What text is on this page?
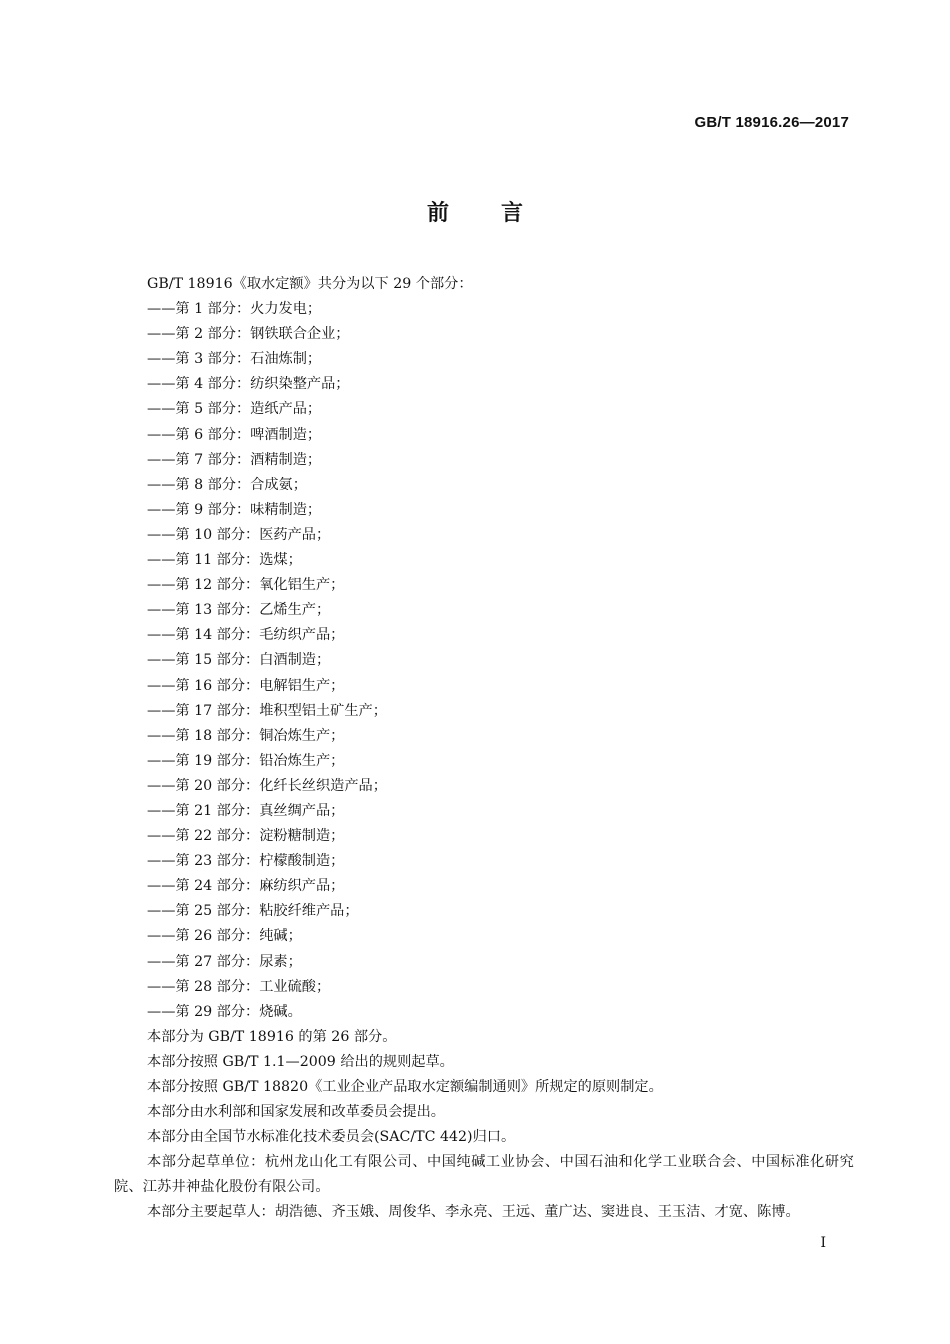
GB/T 18916.26—2017
前言
GB/T 18916《取水定额》共分为以下 29 个部分：
——第 1 部分：火力发电；
——第 2 部分：钢铁联合企业；
——第 3 部分：石油炼制；
——第 4 部分：纺织染整产品；
——第 5 部分：造纸产品；
——第 6 部分：啤酒制造；
——第 7 部分：酒精制造；
——第 8 部分：合成氨；
——第 9 部分：味精制造；
——第 10 部分：医药产品；
——第 11 部分：选煤；
——第 12 部分：氧化铝生产；
——第 13 部分：乙烯生产；
——第 14 部分：毛纺织产品；
——第 15 部分：白酒制造；
——第 16 部分：电解铝生产；
——第 17 部分：堆积型铝土矿生产；
——第 18 部分：铜冶炼生产；
——第 19 部分：铅冶炼生产；
——第 20 部分：化纤长丝织造产品；
——第 21 部分：真丝绸产品；
——第 22 部分：淀粉糖制造；
——第 23 部分：柠檬酸制造；
——第 24 部分：麻纺织产品；
——第 25 部分：粘胶纤维产品；
——第 26 部分：纯碱；
——第 27 部分：尿素；
——第 28 部分：工业硫酸；
——第 29 部分：烧碱。
本部分为 GB/T 18916 的第 26 部分。
本部分按照 GB/T 1.1—2009 给出的规则起草。
本部分按照 GB/T 18820《工业企业产品取水定额编制通则》所规定的原则制定。
本部分由水利部和国家发展和改革委员会提出。
本部分由全国节水标准化技术委员会(SAC/TC 442)归口。
本部分起草单位：杭州龙山化工有限公司、中国纯碱工业协会、中国石油和化学工业联合会、中国标准化研究院、江苏井神盐化股份有限公司。
本部分主要起草人：胡浩德、齐玉娥、周俊华、李永亮、王远、董广达、窦进良、王玉洁、才宽、陈博。
I
